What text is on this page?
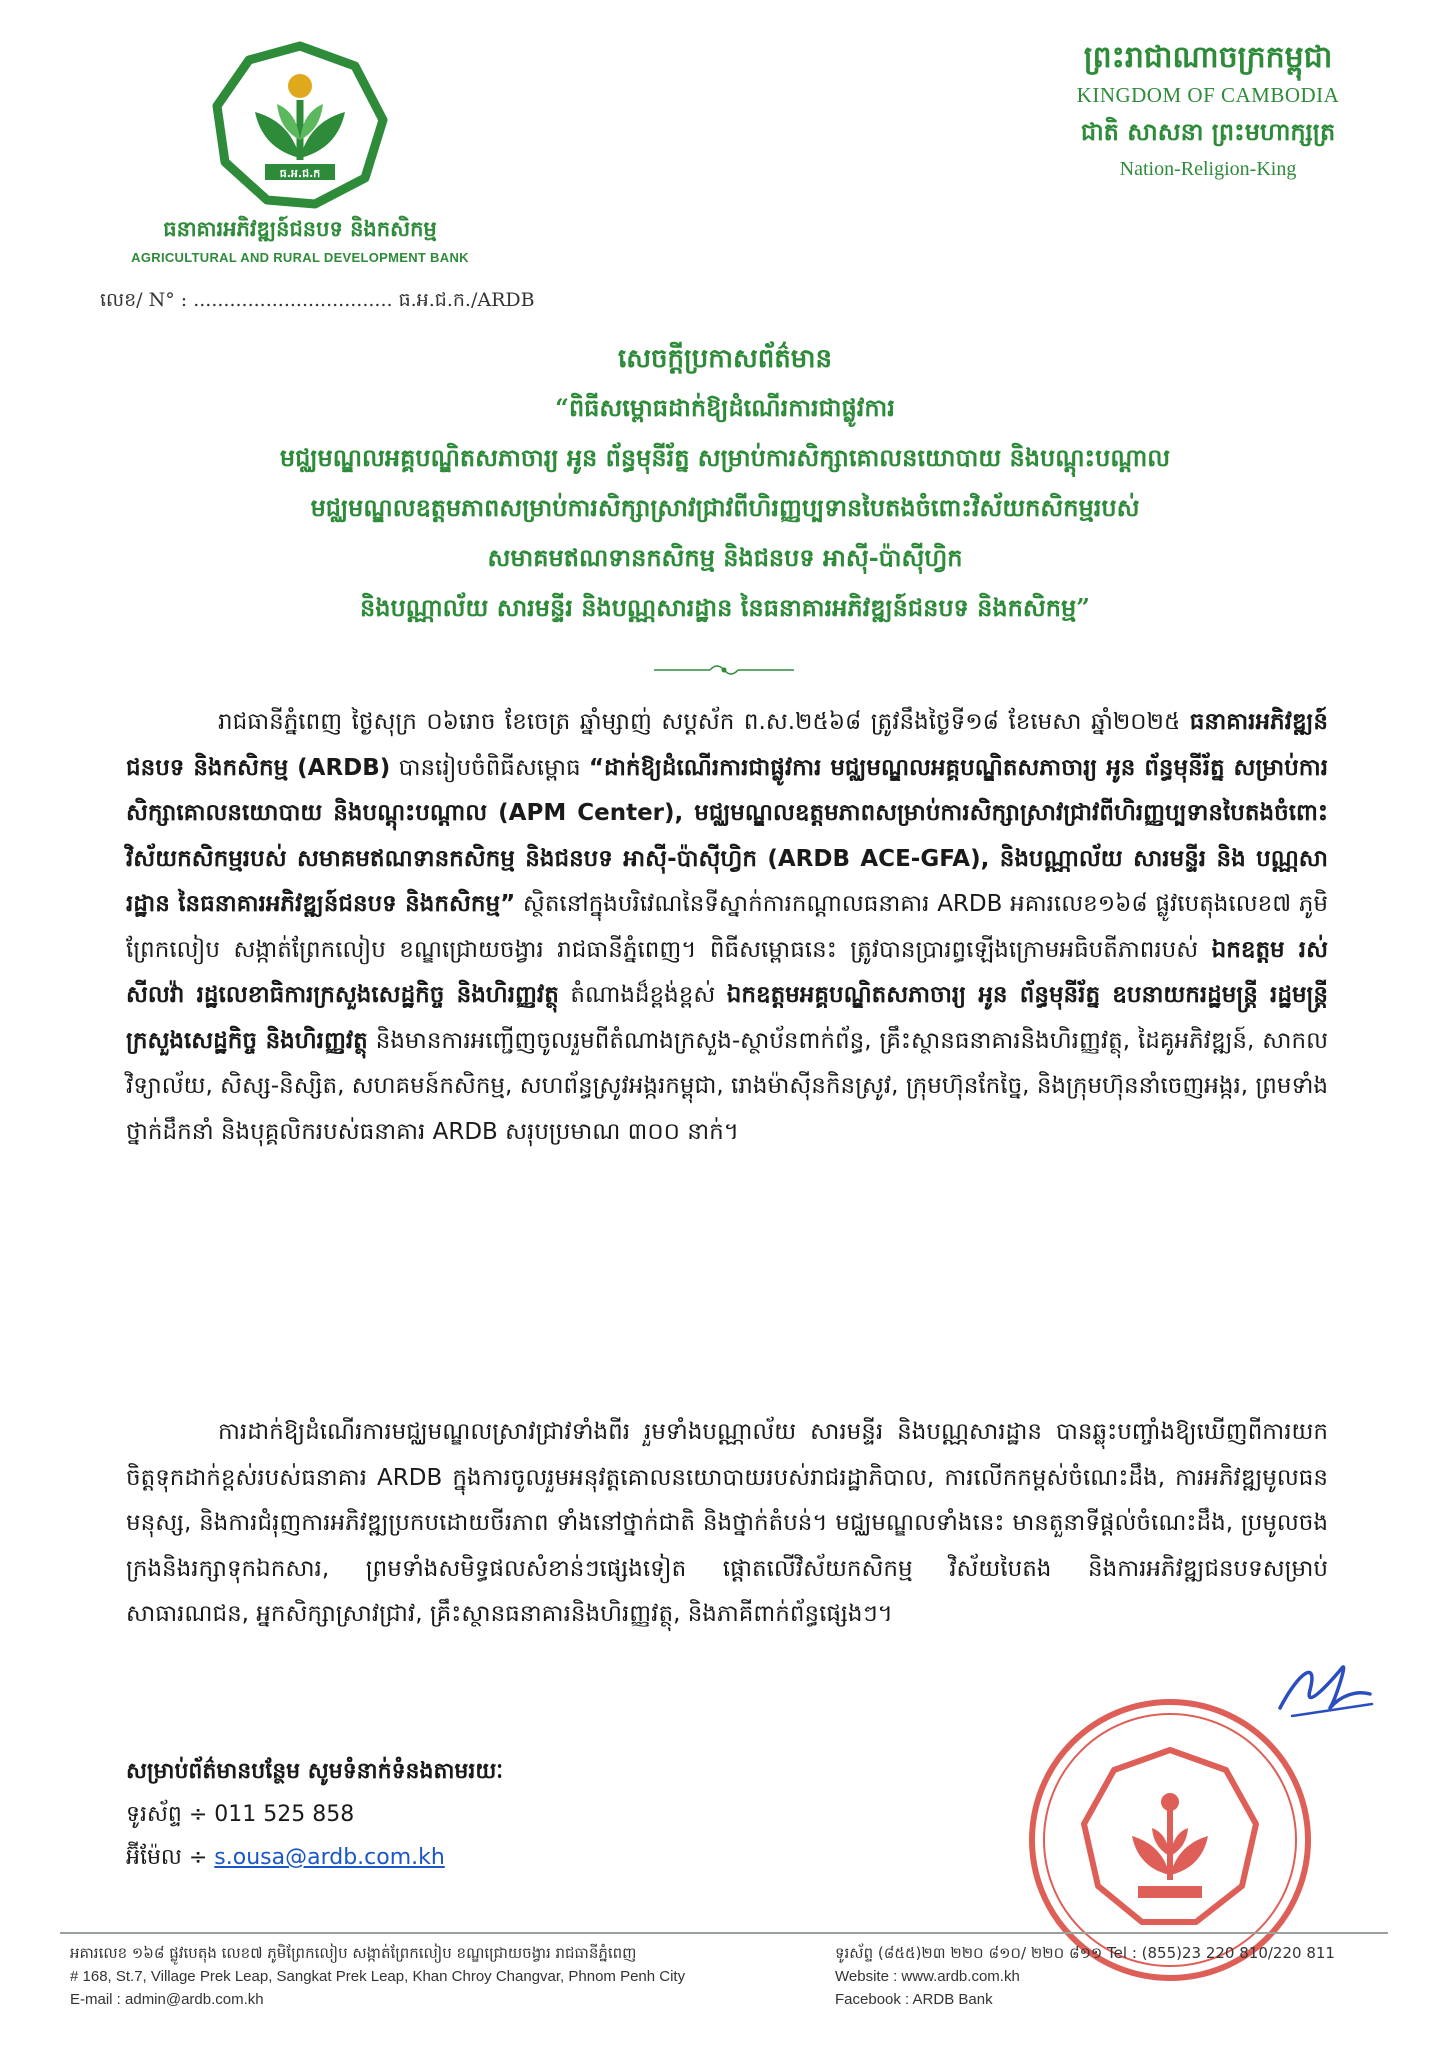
ធ.អ.ជ.ក
ធនាគារអភិវឌ្ឍន៍ជនបទ និងកសិកម្ម
AGRICULTURAL AND RURAL DEVELOPMENT BANK
ព្រះរាជាណាចក្រកម្ពុជា
KINGDOM OF CAMBODIA
ជាតិ សាសនា ព្រះមហាក្សត្រ
Nation-Religion-King
លេខ/ N° : ................................. ធ.អ.ជ.ក./ARDB
សេចក្តីប្រកាសព័ត៌មាន
“ពិធីសម្ពោធដាក់ឱ្យដំណើរការជាផ្លូវការ
មជ្ឈមណ្ឌលអគ្គបណ្ឌិតសភាចារ្យ អូន ព័ន្ធមុនីរ័ត្ន សម្រាប់ការសិក្សាគោលនយោបាយ និងបណ្តុះបណ្តាល
មជ្ឈមណ្ឌលឧត្តមភាពសម្រាប់ការសិក្សាស្រាវជ្រាវពីហិរញ្ញប្បទានបៃតងចំពោះវិស័យកសិកម្មរបស់
សមាគមឥណទានកសិកម្ម និងជនបទ អាស៊ី-ប៉ាស៊ីហ្វិក
និងបណ្ណាល័យ សារមន្ទីរ និងបណ្ណសារដ្ឋាន នៃធនាគារអភិវឌ្ឍន៍ជនបទ និងកសិកម្ម”
រាជធានីភ្នំពេញ ថ្ងៃសុក្រ ០៦រោច ខែចេត្រ ឆ្នាំម្សាញ់ សប្តស័ក ព.ស.២៥៦៨ ត្រូវនឹងថ្ងៃទី១៨ ខែមេសា ឆ្នាំ២០២៥ ធនាគារអភិវឌ្ឍន៍ជនបទ និងកសិកម្ម (ARDB) បានរៀបចំពិធីសម្ពោធ “ដាក់ឱ្យដំណើរការជាផ្លូវការ មជ្ឈមណ្ឌលអគ្គបណ្ឌិតសភាចារ្យ អូន ព័ន្ធមុនីរ័ត្ន សម្រាប់ការសិក្សាគោលនយោបាយ និងបណ្តុះបណ្តាល (APM Center), មជ្ឈមណ្ឌលឧត្តមភាពសម្រាប់ការសិក្សាស្រាវជ្រាវពីហិរញ្ញប្បទានបៃតងចំពោះវិស័យកសិកម្មរបស់ សមាគមឥណទានកសិកម្ម និងជនបទ អាស៊ី-ប៉ាស៊ីហ្វិក (ARDB ACE-GFA), និងបណ្ណាល័យ សារមន្ទីរ និង បណ្ណសារដ្ឋាន នៃធនាគារអភិវឌ្ឍន៍ជនបទ និងកសិកម្ម” ស្ថិតនៅក្នុងបរិវេណនៃទីស្នាក់ការកណ្តាលធនាគារ ARDB អគារលេខ១៦៨ ផ្លូវបេតុងលេខ៧ ភូមិព្រែកលៀប សង្កាត់ព្រែកលៀប ខណ្ឌជ្រោយចង្វារ រាជធានីភ្នំពេញ។ ពិធីសម្ពោធនេះ ត្រូវបានប្រារព្ធឡើងក្រោមអធិបតីភាពរបស់ ឯកឧត្តម រស់ សីលវ៉ា រដ្ឋលេខាធិការក្រសួងសេដ្ឋកិច្ច និងហិរញ្ញវត្ថុ តំណាងដ៏ខ្ពង់ខ្ពស់ ឯកឧត្តមអគ្គបណ្ឌិតសភាចារ្យ អូន ព័ន្ធមុនីរ័ត្ន ឧបនាយករដ្ឋមន្ត្រី រដ្ឋមន្ត្រីក្រសួងសេដ្ឋកិច្ច និងហិរញ្ញវត្ថុ និងមានការអញ្ជើញចូលរួមពីតំណាងក្រសួង-ស្ថាប័នពាក់ព័ន្ធ, គ្រឹះស្ថានធនាគារនិងហិរញ្ញវត្ថុ, ដៃគូអភិវឌ្ឍន៍, សាកលវិទ្យាល័យ, សិស្ស-និស្សិត, សហគមន៍កសិកម្ម, សហព័ន្ធស្រូវអង្ករកម្ពុជា, រោងម៉ាស៊ីនកិនស្រូវ, ក្រុមហ៊ុនកែច្នៃ, និងក្រុមហ៊ុននាំចេញអង្ករ, ព្រមទាំងថ្នាក់ដឹកនាំ និងបុគ្គលិករបស់ធនាគារ ARDB សរុបប្រមាណ ៣០០ នាក់។
ការដាក់ឱ្យដំណើរការមជ្ឈមណ្ឌលស្រាវជ្រាវទាំងពីរ រួមទាំងបណ្ណាល័យ សារមន្ទីរ និងបណ្ណសារដ្ឋាន បានឆ្លុះបញ្ចាំងឱ្យឃើញពីការយកចិត្តទុកដាក់ខ្ពស់របស់ធនាគារ ARDB ក្នុងការចូលរួមអនុវត្តគោលនយោបាយរបស់រាជរដ្ឋាភិបាល, ការលើកកម្ពស់ចំណេះដឹង, ការអភិវឌ្ឍមូលធនមនុស្ស, និងការជំរុញការអភិវឌ្ឍប្រកបដោយចីរភាព ទាំងនៅថ្នាក់ជាតិ និងថ្នាក់តំបន់។ មជ្ឈមណ្ឌលទាំងនេះ មានតួនាទីផ្តល់ចំណេះដឹង, ប្រមូលចងក្រងនិងរក្សាទុកឯកសារ, ព្រមទាំងសមិទ្ធផលសំខាន់ៗផ្សេងទៀត ផ្តោតលើវិស័យកសិកម្ម វិស័យបៃតង និងការអភិវឌ្ឍជនបទសម្រាប់សាធារណជន, អ្នកសិក្សាស្រាវជ្រាវ, គ្រឹះស្ថានធនាគារនិងហិរញ្ញវត្ថុ, និងភាគីពាក់ព័ន្ធផ្សេងៗ។
សម្រាប់ព័ត៌មានបន្ថែម សូមទំនាក់ទំនងតាមរយៈ
ទូរស័ព្ទ ÷ 011 525 858
អ៊ីម៉ែល ÷ s.ousa@ardb.com.kh
អគារលេខ ១៦៨ ផ្លូវបេតុង លេខ៧ ភូមិព្រែកលៀប សង្កាត់ព្រែកលៀប ខណ្ឌជ្រោយចង្វារ រាជធានីភ្នំពេញ
# 168, St.7, Village Prek Leap, Sangkat Prek Leap, Khan Chroy Changvar, Phnom Penh City
E-mail : admin@ardb.com.kh
ទូរស័ព្ទ (៨៥៥)២៣ ២២០ ៨១០/ ២២០ ៨១១ Tel : (855)23 220 810/220 811
Website : www.ardb.com.kh
Facebook : ARDB Bank
